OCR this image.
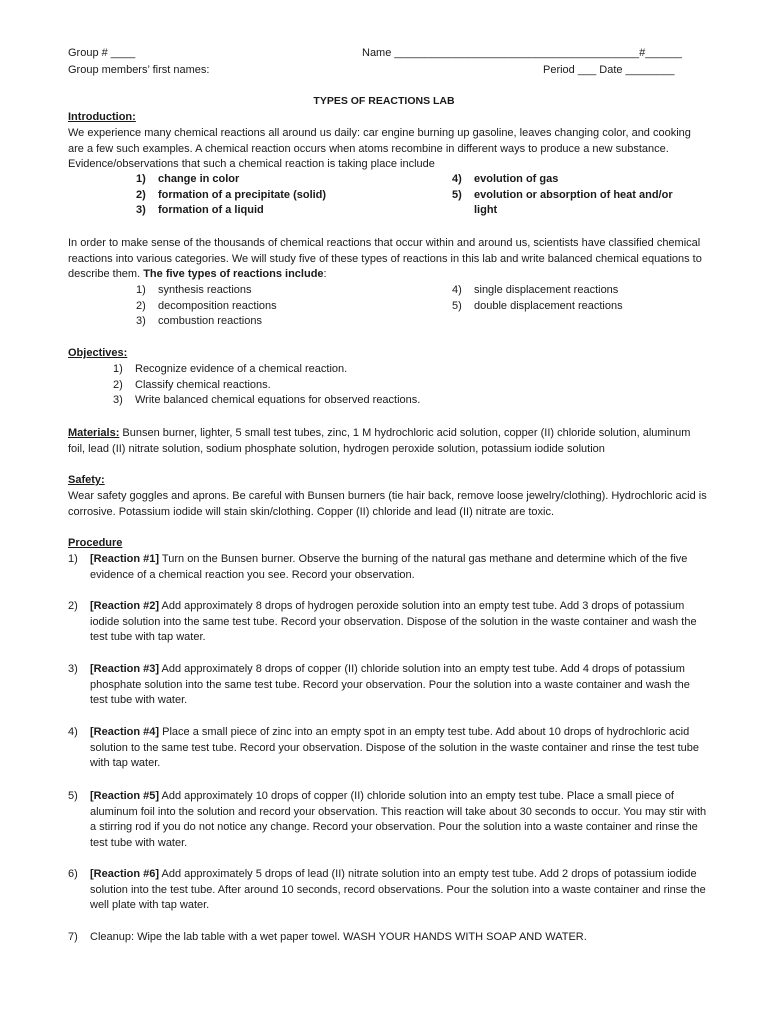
Group # ____	Name ________________________________________#______
Group members’ first names:	Period ___ Date ________
TYPES OF REACTIONS LAB
Introduction:
We experience many chemical reactions all around us daily: car engine burning up gasoline, leaves changing color, and cooking are a few such examples. A chemical reaction occurs when atoms recombine in different ways to produce a new substance. Evidence/observations that such a chemical reaction is taking place include
1) change in color
2) formation of a precipitate (solid)
3) formation of a liquid
4) evolution of gas
5) evolution or absorption of heat and/or
light
In order to make sense of the thousands of chemical reactions that occur within and around us, scientists have classified chemical reactions into various categories. We will study five of these types of reactions in this lab and write balanced chemical equations to describe them. The five types of reactions include:
1) synthesis reactions
2) decomposition reactions
3) combustion reactions
4) single displacement reactions
5) double displacement reactions
Objectives:
1) Recognize evidence of a chemical reaction.
2) Classify chemical reactions.
3) Write balanced chemical equations for observed reactions.
Materials: Bunsen burner, lighter, 5 small test tubes, zinc, 1 M hydrochloric acid solution, copper (II) chloride solution, aluminum foil, lead (II) nitrate solution, sodium phosphate solution, hydrogen peroxide solution, potassium iodide solution
Safety:
Wear safety goggles and aprons. Be careful with Bunsen burners (tie hair back, remove loose jewelry/clothing). Hydrochloric acid is corrosive. Potassium iodide will stain skin/clothing. Copper (II) chloride and lead (II) nitrate are toxic.
Procedure
1) [Reaction #1] Turn on the Bunsen burner. Observe the burning of the natural gas methane and determine which of the five evidence of a chemical reaction you see. Record your observation.
2) [Reaction #2] Add approximately 8 drops of hydrogen peroxide solution into an empty test tube. Add 3 drops of potassium iodide solution into the same test tube. Record your observation. Dispose of the solution in the waste container and wash the test tube with tap water.
3) [Reaction #3] Add approximately 8 drops of copper (II) chloride solution into an empty test tube. Add 4 drops of potassium phosphate solution into the same test tube. Record your observation. Pour the solution into a waste container and wash the test tube with water.
4) [Reaction #4] Place a small piece of zinc into an empty spot in an empty test tube. Add about 10 drops of hydrochloric acid solution to the same test tube. Record your observation. Dispose of the solution in the waste container and rinse the test tube with tap water.
5) [Reaction #5] Add approximately 10 drops of copper (II) chloride solution into an empty test tube. Place a small piece of aluminum foil into the solution and record your observation. This reaction will take about 30 seconds to occur. You may stir with a stirring rod if you do not notice any change. Record your observation. Pour the solution into a waste container and rinse the test tube with water.
6) [Reaction #6] Add approximately 5 drops of lead (II) nitrate solution into an empty test tube. Add 2 drops of potassium iodide solution into the test tube. After around 10 seconds, record observations. Pour the solution into a waste container and rinse the well plate with tap water.
7) Cleanup: Wipe the lab table with a wet paper towel. WASH YOUR HANDS WITH SOAP AND WATER.
